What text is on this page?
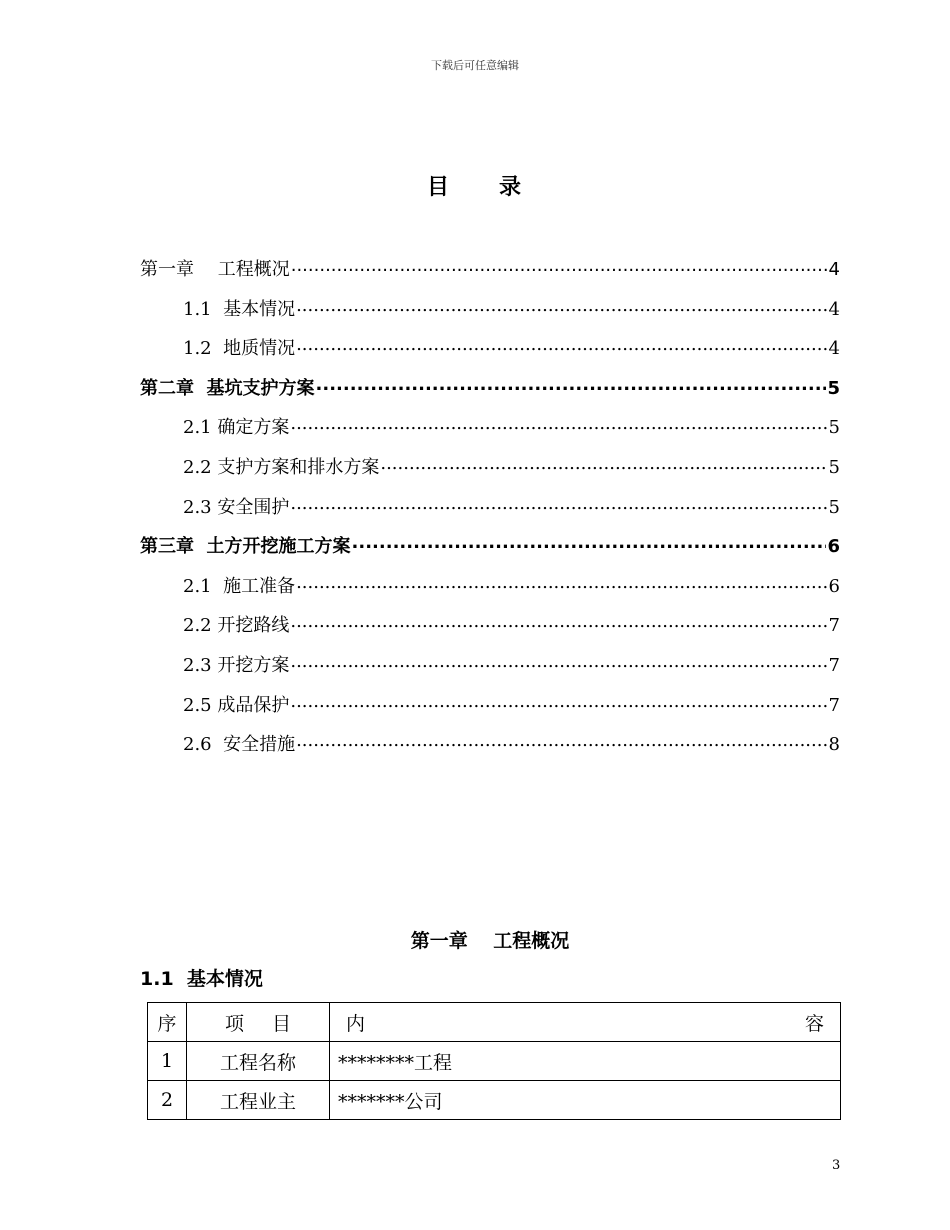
下载后可任意编辑
目 录
第一章 　工程概况 .....	4
1.1  基本情况 .....	4
1.2  地质情况 .....	4
第二章  基坑支护方案 .....	5
2.1 确定方案 .....	5
2.2 支护方案和排水方案 .....	5
2.3 安全围护 .....	5
第三章  土方开挖施工方案 .....	6
2.1  施工准备 .....	6
2.2 开挖路线 .....	7
2.3 开挖方案 .....	7
2.5 成品保护 .....	7
2.6  安全措施 .....	8
第一章 　工程概况
1.1  基本情况
序	项 目	内 容
1	工程名称	********工程
2	工程业主	*******公司
3
